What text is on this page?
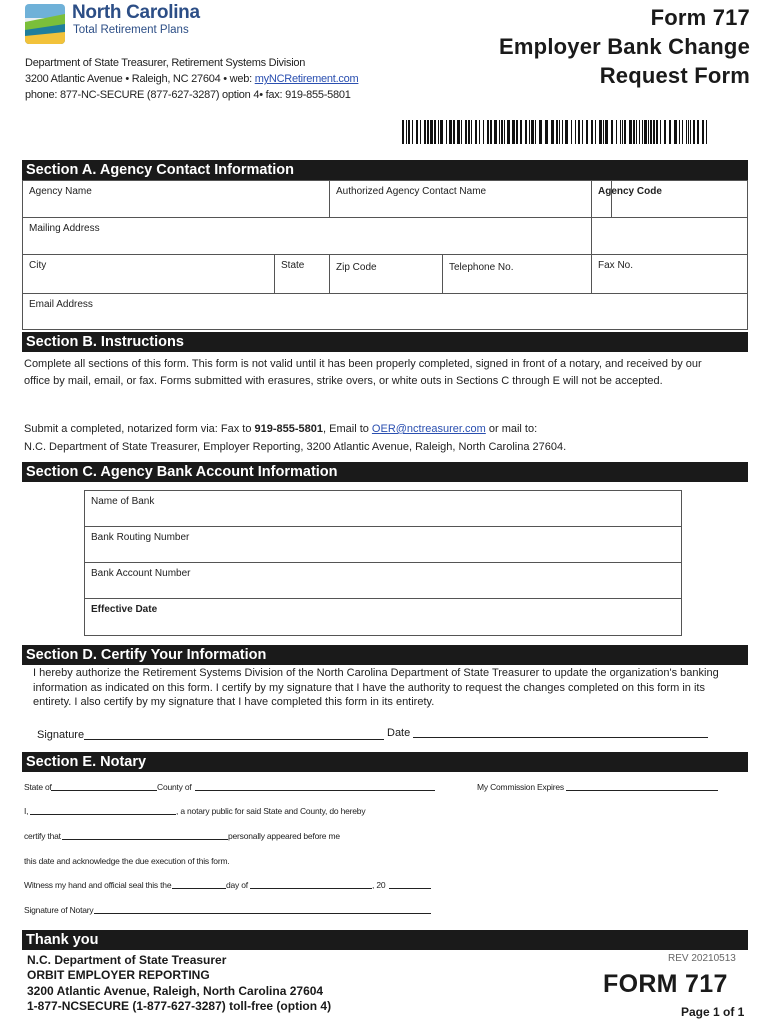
North Carolina
Total Retirement Plans
Department of State Treasurer, Retirement Systems Division
3200 Atlantic Avenue • Raleigh, NC 27604 • web: myNCRetirement.com
phone: 877-NC-SECURE (877-627-3287) option 4• fax: 919-855-5801
Form 717
Employer Bank Change
Request Form
Section A. Agency Contact Information
Agency Name	Authorized Agency Contact Name	Agency Code
Mailing Address
City	State	Zip Code	Telephone No.	Fax No.
Email Address
Section B. Instructions
Complete all sections of this form. This form is not valid until it has been properly completed, signed in front of a notary, and received by our office by mail, email, or fax. Forms submitted with erasures, strike overs, or white outs in Sections C through E will not be accepted.
Submit a completed, notarized form via: Fax to 919-855-5801, Email to OER@nctreasurer.com or mail to:
N.C. Department of State Treasurer, Employer Reporting, 3200 Atlantic Avenue, Raleigh, North Carolina 27604.
Section C. Agency Bank Account Information
Name of Bank
Bank Routing Number
Bank Account Number
Effective Date
Section D. Certify Your Information
I hereby authorize the Retirement Systems Division of the North Carolina Department of State Treasurer to update the organization's banking information as indicated on this form. I certify by my signature that I have the authority to request the changes completed on this form in its entirety. I also certify by my signature that I have completed this form in its entirety.
Signature	Date
Section E. Notary
State of	County of	My Commission Expires
I,	, a notary public for said State and County, do hereby
certify that	personally appeared before me
this date and acknowledge the due execution of this form.
Witness my hand and official seal this the	day of	, 20
Signature of Notary
Thank you
N.C. Department of State Treasurer
ORBIT EMPLOYER REPORTING
3200 Atlantic Avenue, Raleigh, North Carolina 27604
1-877-NCSECURE (1-877-627-3287) toll-free (option 4)
REV 20210513
FORM 717
Page 1 of 1
